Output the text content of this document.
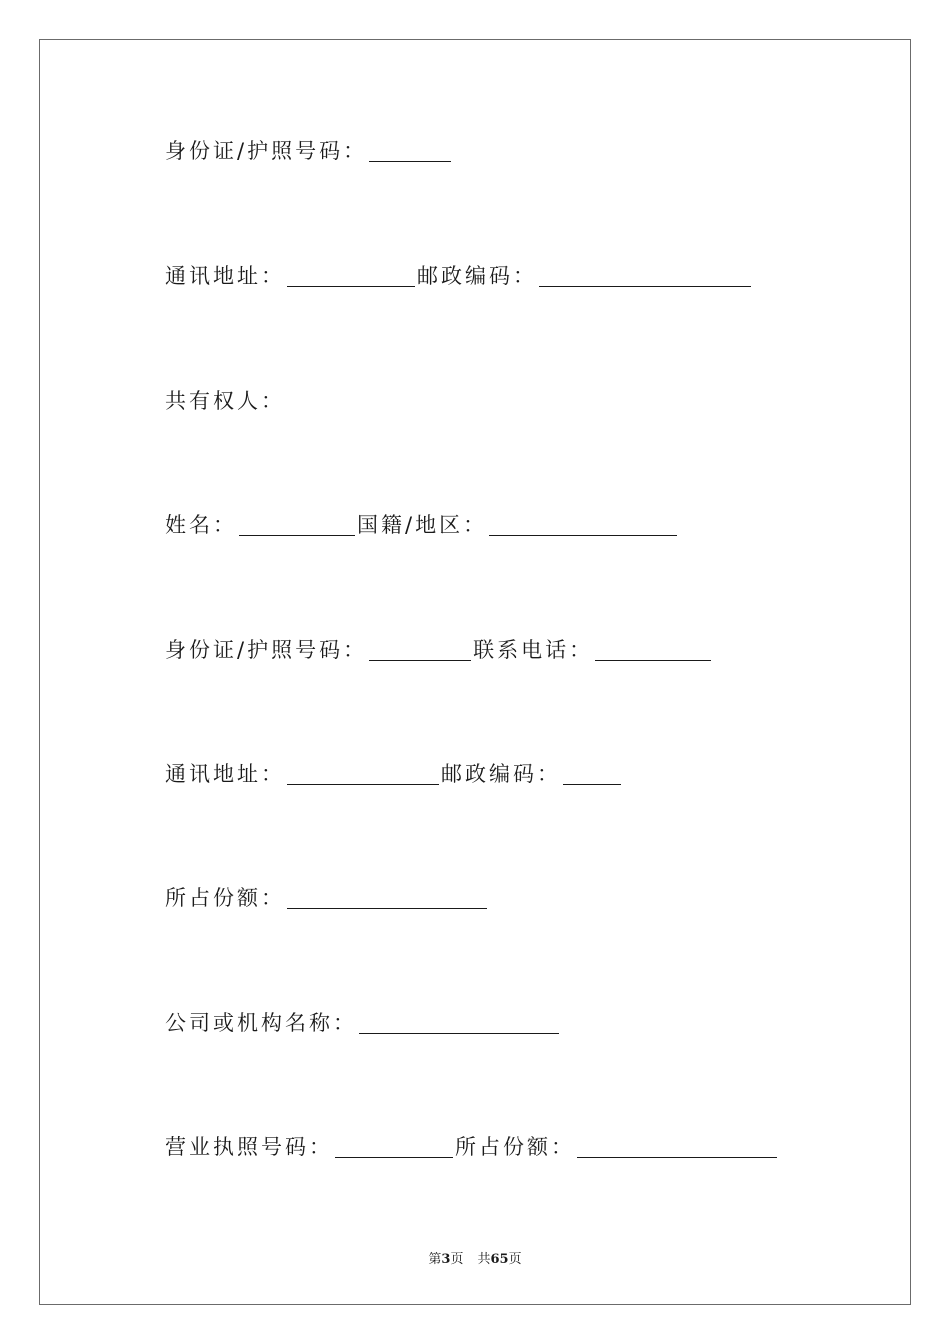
身份证/护照号码：
通讯地址：	邮政编码：
共有权人：
姓名：	国籍/地区：
身份证/护照号码：	联系电话：
通讯地址：	邮政编码：
所占份额：
公司或机构名称：
营业执照号码：	所占份额：
第3页 共65页
